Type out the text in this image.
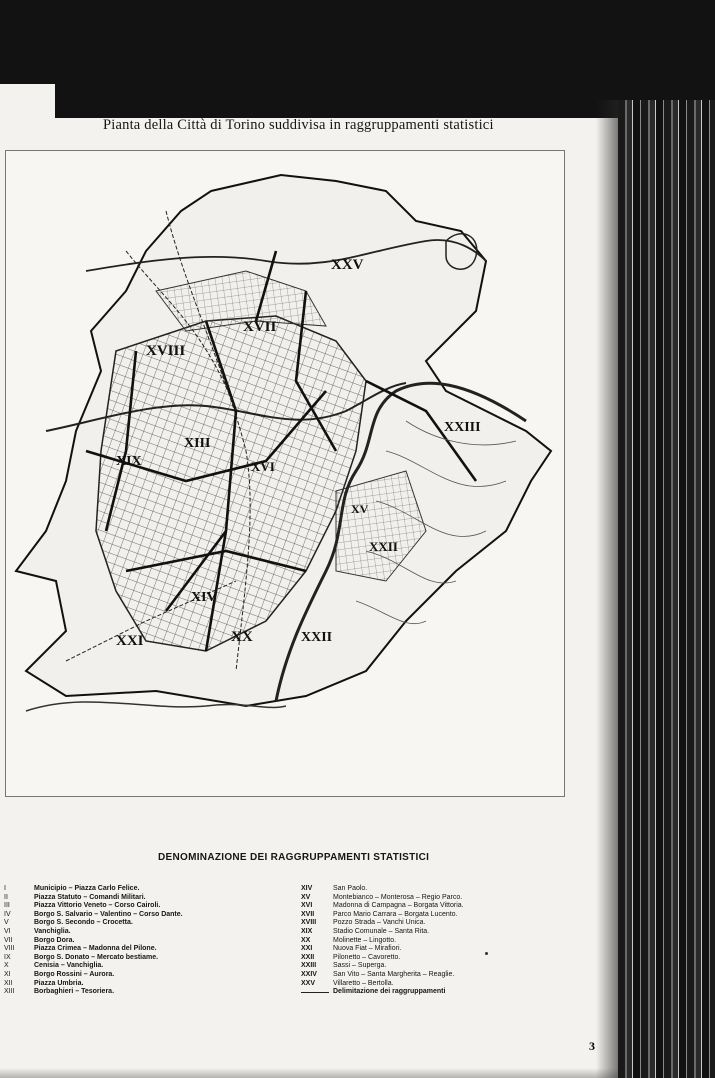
Pianta della Città di Torino suddivisa in raggruppamenti statistici
XXV
XVII
XVIII
XIII
XIX
XXIII
XXII
XV
XXI	XX
XIV
XVI
XXII
DENOMINAZIONE DEI RAGGRUPPAMENTI STATISTICI
I	Municipio – Piazza Carlo Felice.
II	Piazza Statuto – Comandi Militari.
III	Piazza Vittorio Veneto – Corso Cairoli.
IV	Borgo S. Salvario – Valentino – Corso Dante.
V	Borgo S. Secondo – Crocetta.
VI	Vanchiglia.
VII	Borgo Dora.
VIII	Piazza Crimea – Madonna del Pilone.
IX	Borgo S. Donato – Mercato bestiame.
X	Cenisia – Vanchiglia.
XI	Borgo Rossini – Aurora.
XII	Piazza Umbria.
XIII	Borbaghieri – Tesoriera.
XIV	San Paolo.
XV	Montebianco – Monterosa – Regio Parco.
XVI	Madonna di Campagna – Borgata Vittoria.
XVII	Parco Mario Carrara – Borgata Lucento.
XVIII	Pozzo Strada – Vanchi Unica.
XIX	Stadio Comunale – Santa Rita.
XX	Molinette – Lingotto.
XXI	Nuova Fiat – Mirafiori.
XXII	Pilonetto – Cavoretto.
XXIII	Sassi – Superga.
XXIV	San Vito – Santa Margherita – Reaglie.
XXV	Villaretto – Bertolla.
Delimitazione dei raggruppamenti
3
